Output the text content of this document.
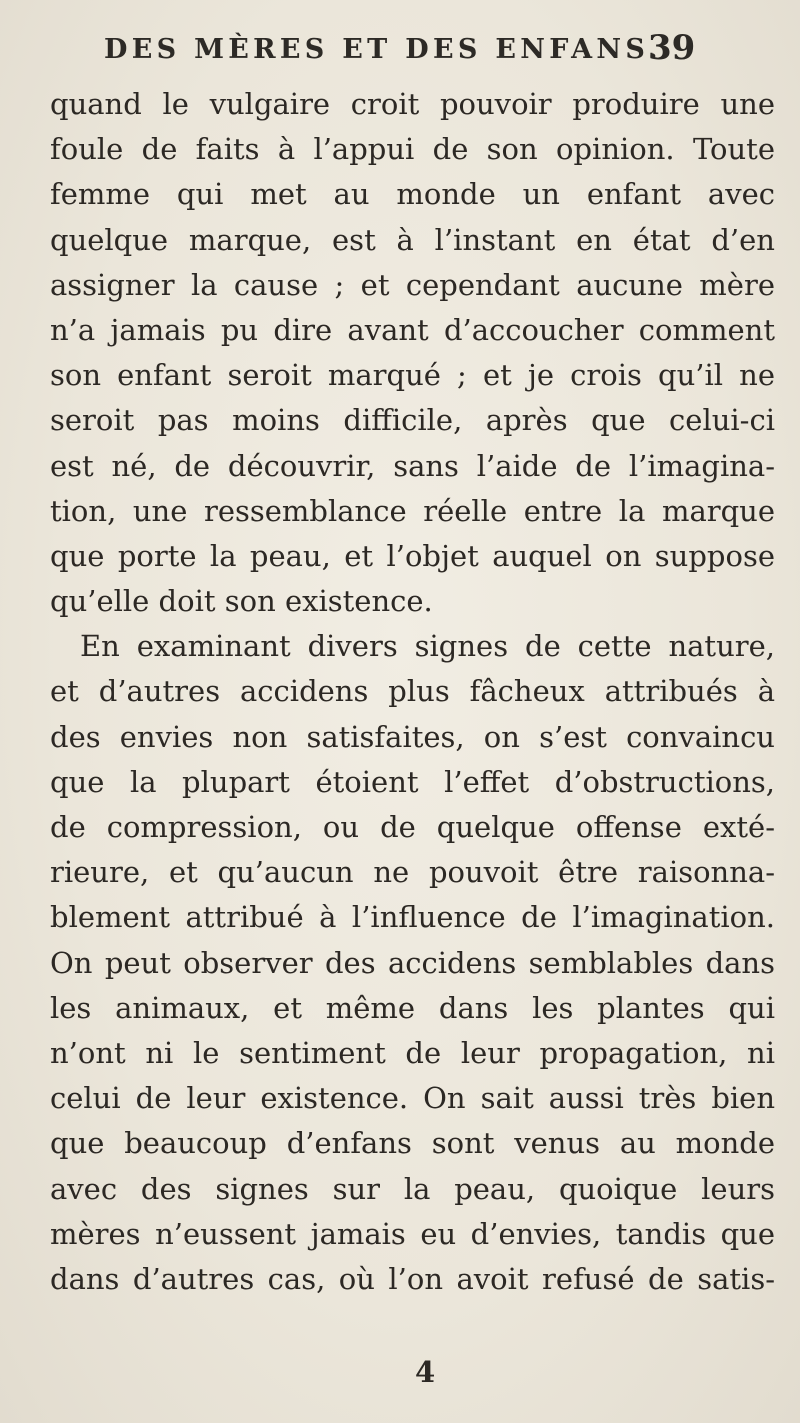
DES MÈRES ET DES ENFANS.
39
quand le vulgaire croit pouvoir produire une
foule de faits à l’appui de son opinion. Toute
femme qui met au monde un enfant avec
quelque marque, est à l’instant en état d’en
assigner la cause ; et cependant aucune mère
n’a jamais pu dire avant d’accoucher comment
son enfant seroit marqué ; et je crois qu’il ne
seroit pas moins difficile, après que celui-ci
est né, de découvrir, sans l’aide de l’imagina-
tion, une ressemblance réelle entre la marque
que porte la peau, et l’objet auquel on suppose
qu’elle doit son existence.
En examinant divers signes de cette nature,
et d’autres accidens plus fâcheux attribués à
des envies non satisfaites, on s’est convaincu
que la plupart étoient l’effet d’obstructions,
de compression, ou de quelque offense exté-
rieure, et qu’aucun ne pouvoit être raisonna-
blement attribué à l’influence de l’imagination.
On peut observer des accidens semblables dans
les animaux, et même dans les plantes qui
n’ont ni le sentiment de leur propagation, ni
celui de leur existence. On sait aussi très bien
que beaucoup d’enfans sont venus au monde
avec des signes sur la peau, quoique leurs
mères n’eussent jamais eu d’envies, tandis que
dans d’autres cas, où l’on avoit refusé de satis-
4
